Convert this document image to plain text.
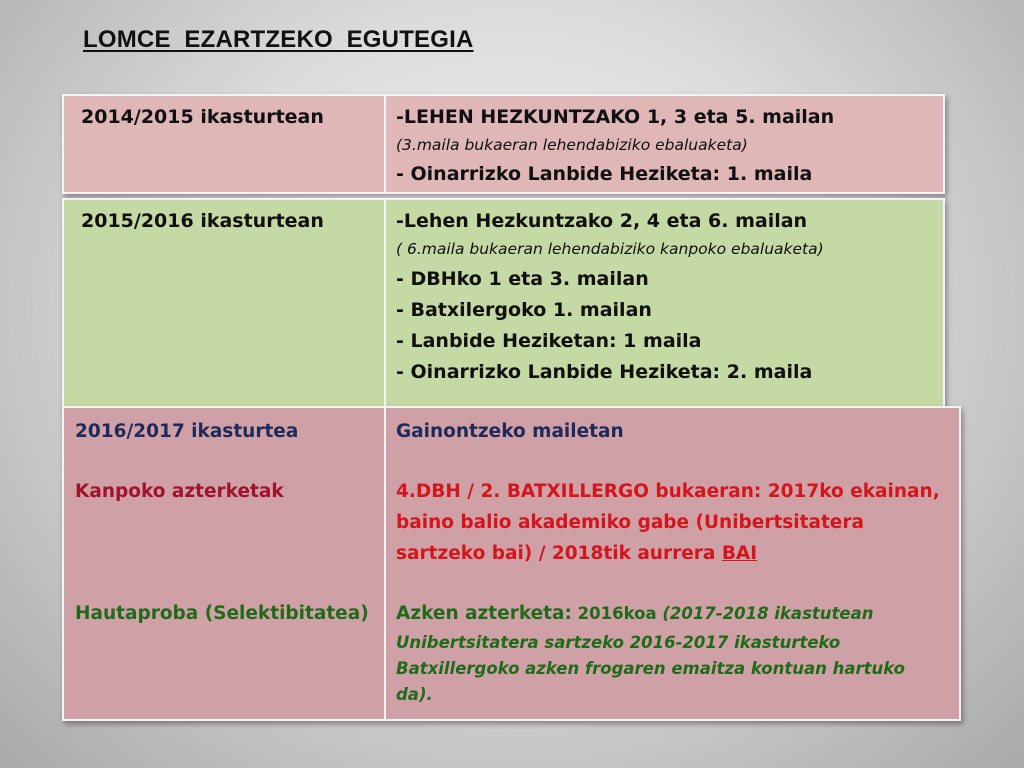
LOMCE  EZARTZEKO  EGUTEGIA
2014/2015 ikasturtean	-LEHEN HEZKUNTZAKO 1, 3 eta 5. mailan
(3.maila bukaeran lehendabiziko ebaluaketa)
- Oinarrizko Lanbide Heziketa: 1. maila
2015/2016 ikasturtean	-Lehen Hezkuntzako 2, 4 eta 6. mailan
( 6.maila bukaeran lehendabiziko kanpoko ebaluaketa)
- DBHko 1 eta 3. mailan
- Batxilergoko 1. mailan
- Lanbide Heziketan: 1 maila
- Oinarrizko Lanbide Heziketa: 2. maila
2016/2017 ikasturtea
Kanpoko azterketak
Hautaproba (Selektibitatea)
Gainontzeko mailetan
4.DBH / 2. BATXILLERGO bukaeran: 2017ko ekainan,
baino balio akademiko gabe (Unibertsitatera
sartzeko bai) / 2018tik aurrera BAI
Azken azterketa: 2016koa (2017-2018 ikastutean
Unibertsitatera sartzeko 2016-2017 ikasturteko
Batxillergoko azken frogaren emaitza kontuan hartuko
da).
